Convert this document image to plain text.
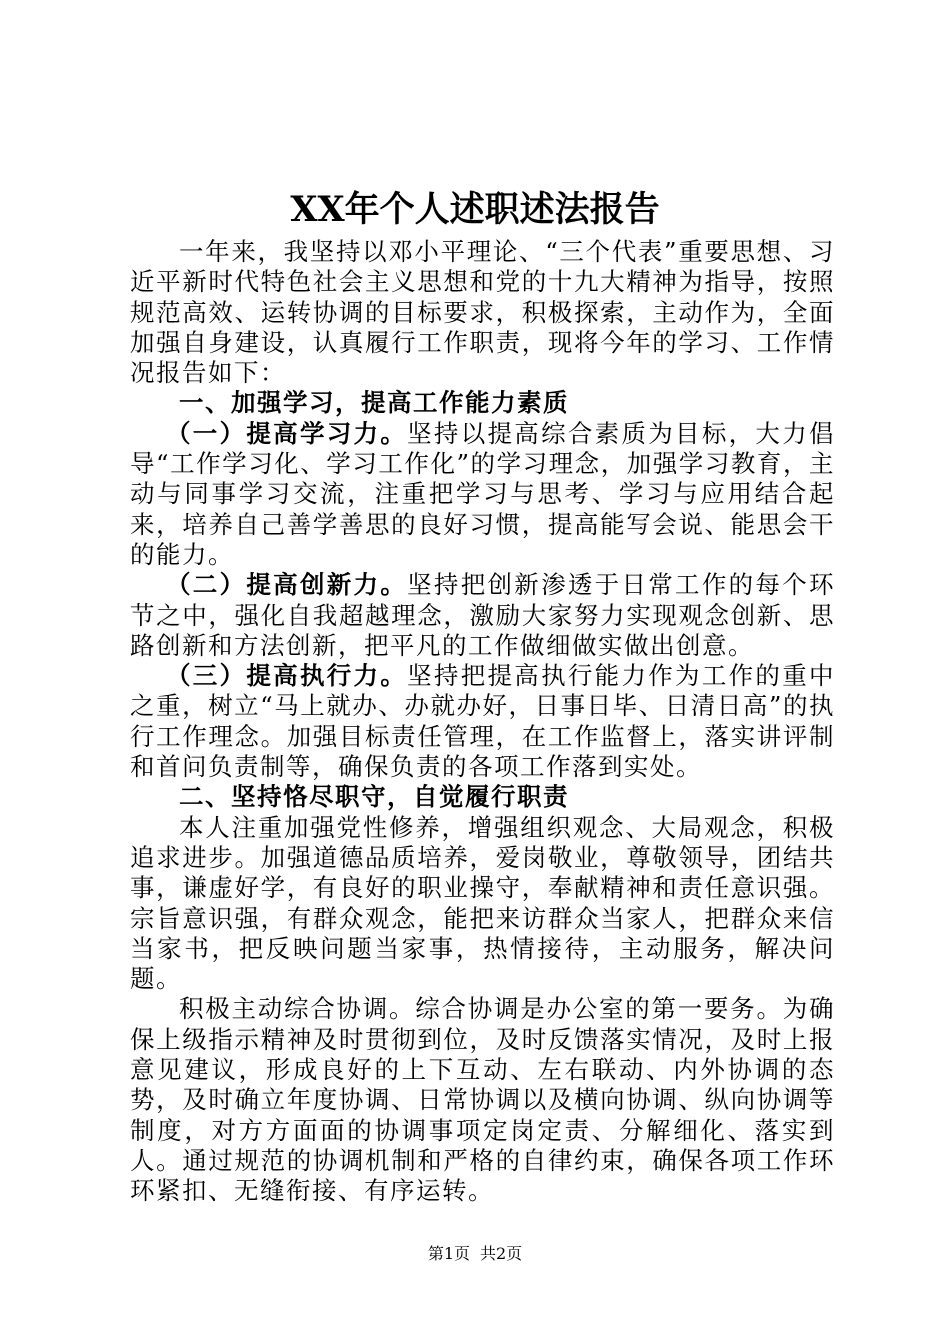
XX年个人述职述法报告

一年来，我坚持以邓小平理论、“三个代表”重要思想、习近平新时代特色社会主义思想和党的十九大精神为指导，按照规范高效、运转协调的目标要求，积极探索，主动作为，全面加强自身建设，认真履行工作职责，现将今年的学习、工作情况报告如下：

一、加强学习，提高工作能力素质

（一）提高学习力。坚持以提高综合素质为目标，大力倡导“工作学习化、学习工作化”的学习理念，加强学习教育，主动与同事学习交流，注重把学习与思考、学习与应用结合起来，培养自己善学善思的良好习惯，提高能写会说、能思会干的能力。

（二）提高创新力。坚持把创新渗透于日常工作的每个环节之中，强化自我超越理念，激励大家努力实现观念创新、思路创新和方法创新，把平凡的工作做细做实做出创意。

（三）提高执行力。坚持把提高执行能力作为工作的重中之重，树立“马上就办、办就办好，日事日毕、日清日高”的执行工作理念。加强目标责任管理，在工作监督上，落实讲评制和首问负责制等，确保负责的各项工作落到实处。

二、坚持恪尽职守，自觉履行职责

本人注重加强党性修养，增强组织观念、大局观念，积极追求进步。加强道德品质培养，爱岗敬业，尊敬领导，团结共事，谦虚好学，有良好的职业操守，奉献精神和责任意识强。宗旨意识强，有群众观念，能把来访群众当家人，把群众来信当家书，把反映问题当家事，热情接待，主动服务，解决问题。

积极主动综合协调。综合协调是办公室的第一要务。为确保上级指示精神及时贯彻到位，及时反馈落实情况，及时上报意见建议，形成良好的上下互动、左右联动、内外协调的态势，及时确立年度协调、日常协调以及横向协调、纵向协调等制度，对方方面面的协调事项定岗定责、分解细化、落实到人。通过规范的协调机制和严格的自律约束，确保各项工作环环紧扣、无缝衔接、有序运转。

第1页 共2页
